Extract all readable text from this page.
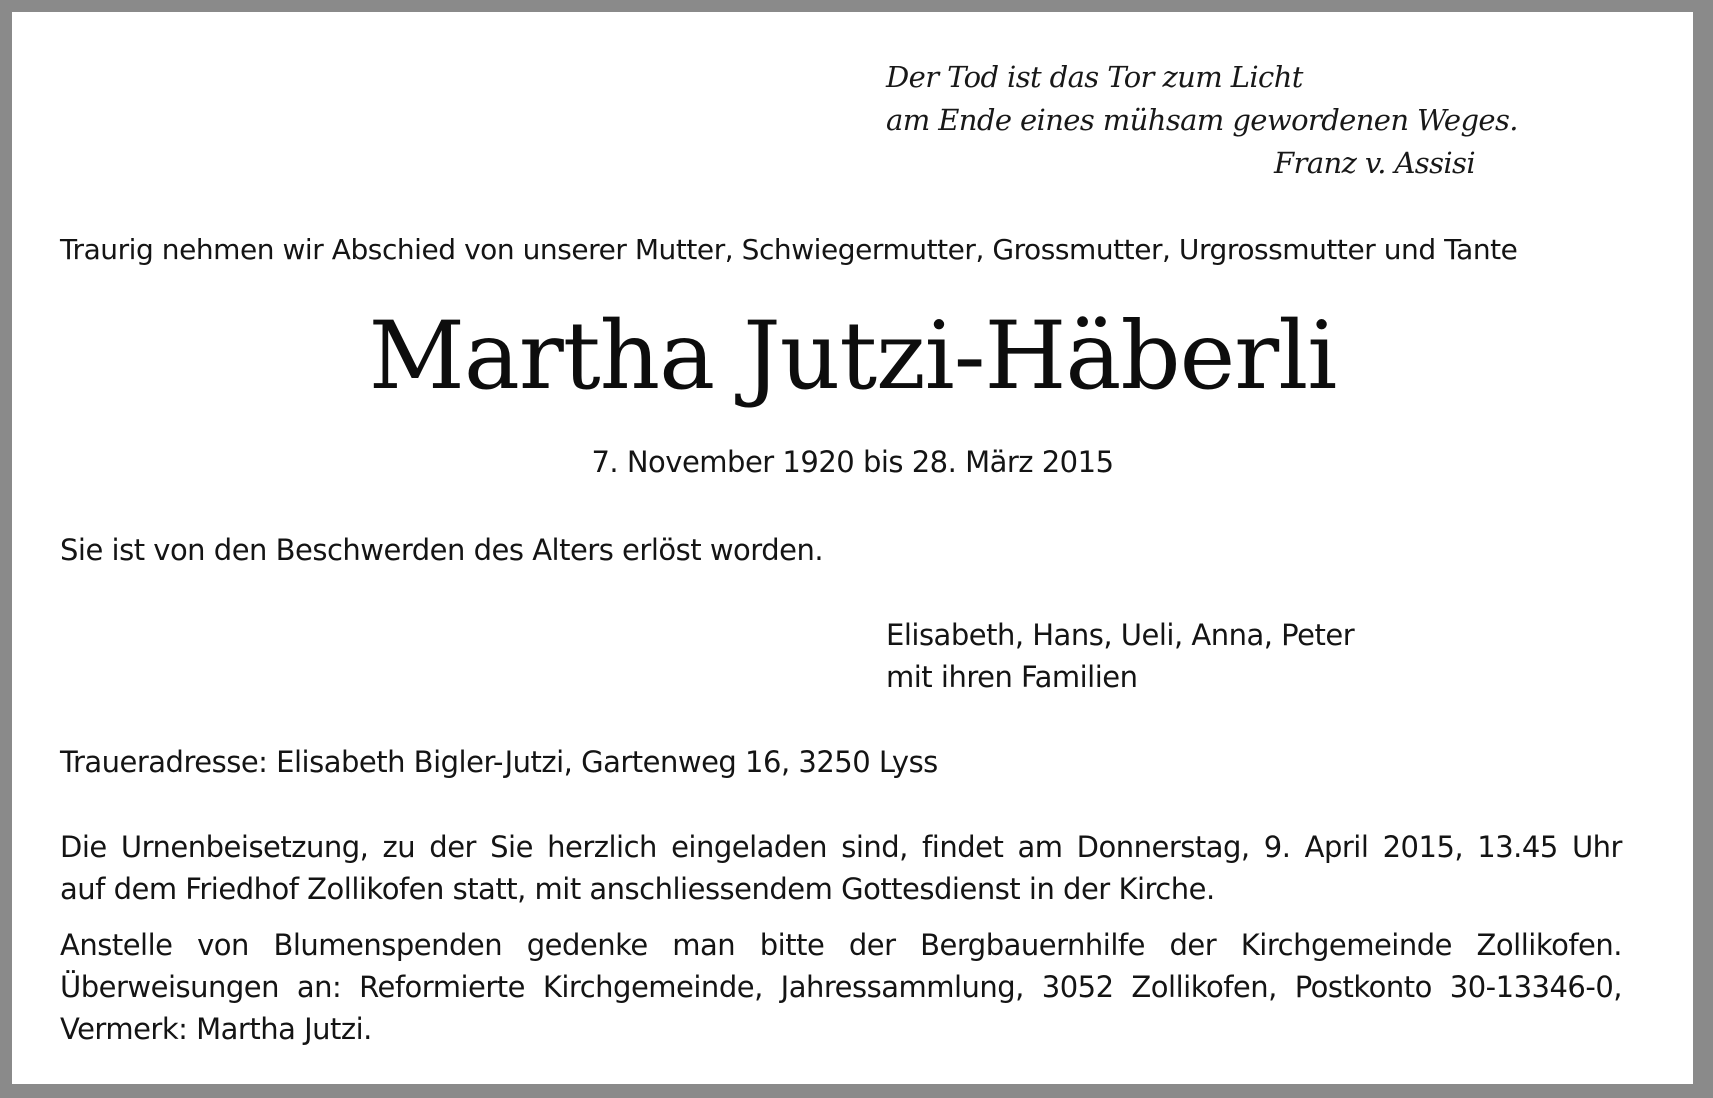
Der Tod ist das Tor zum Licht
am Ende eines mühsam gewordenen Weges.
Franz v. Assisi
Traurig nehmen wir Abschied von unserer Mutter, Schwiegermutter, Grossmutter, Urgrossmutter und Tante
Martha Jutzi-Häberli
7. November 1920 bis 28. März 2015
Sie ist von den Beschwerden des Alters erlöst worden.
Elisabeth, Hans, Ueli, Anna, Peter
mit ihren Familien
Traueradresse: Elisabeth Bigler-Jutzi, Gartenweg 16, 3250 Lyss
Die Urnenbeisetzung, zu der Sie herzlich eingeladen sind, findet am Donnerstag, 9. April 2015, 13.45 Uhr
auf dem Friedhof Zollikofen statt, mit anschliessendem Gottesdienst in der Kirche.
Anstelle von Blumenspenden gedenke man bitte der Bergbauernhilfe der Kirchgemeinde Zollikofen.
Überweisungen an: Reformierte Kirchgemeinde, Jahressammlung, 3052 Zollikofen, Postkonto 30-13346-0,
Vermerk: Martha Jutzi.
